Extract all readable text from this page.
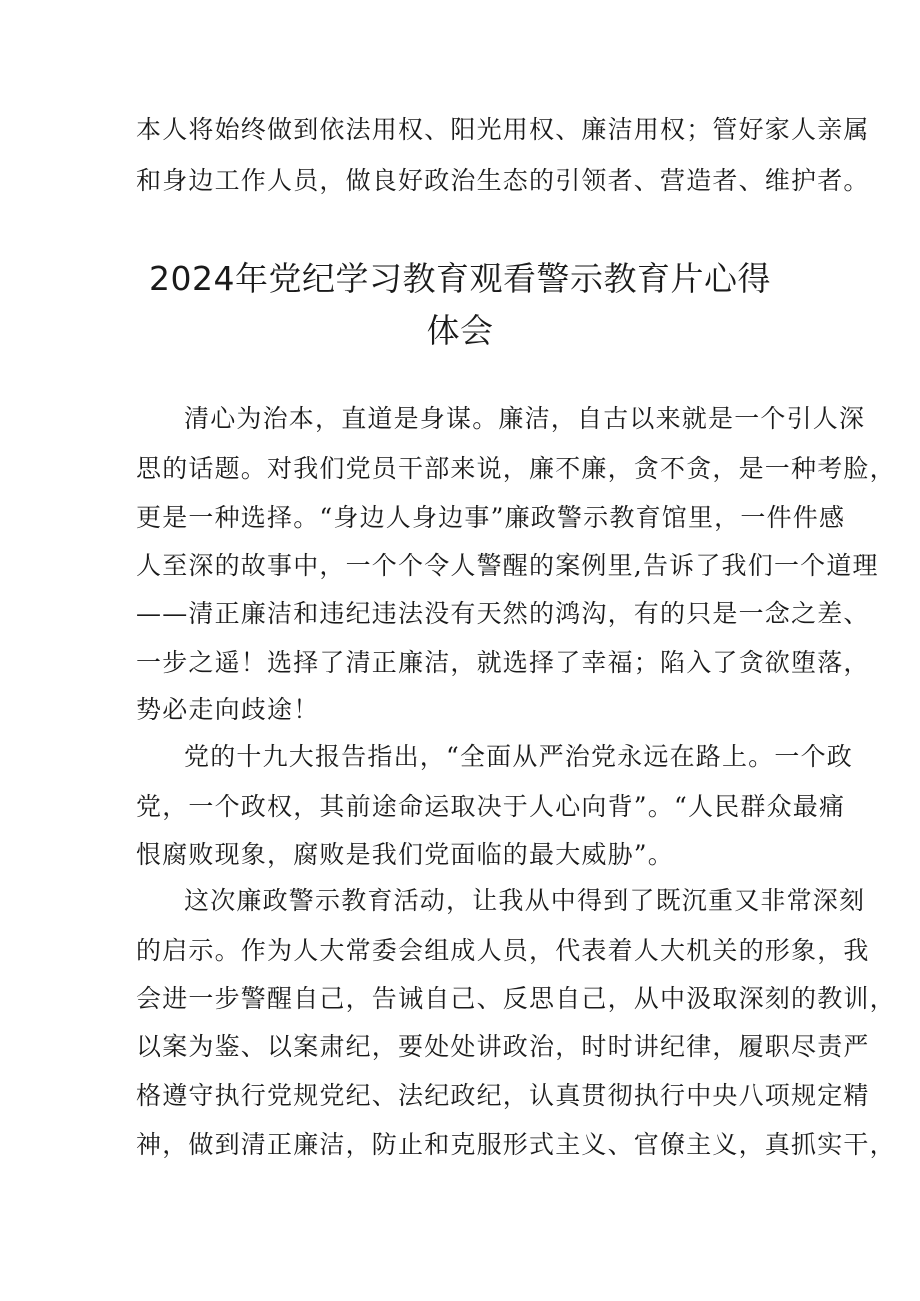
本人将始终做到依法用权、阳光用权、廉洁用权；管好家人亲属
和身边工作人员，做良好政治生态的引领者、营造者、维护者。
2024年党纪学习教育观看警示教育片心得
体会
清心为治本，直道是身谋。廉洁，自古以来就是一个引人深
思的话题。对我们党员干部来说，廉不廉，贪不贪，是一种考脸，
更是一种选择。“身边人身边事”廉政警示教育馆里，一件件感
人至深的故事中，一个个令人警醒的案例里,告诉了我们一个道理
——清正廉洁和违纪违法没有天然的鸿沟，有的只是一念之差、
一步之遥！选择了清正廉洁，就选择了幸福；陷入了贪欲堕落，
势必走向歧途！
党的十九大报告指出，“全面从严治党永远在路上。一个政
党，一个政权，其前途命运取决于人心向背”。“人民群众最痛
恨腐败现象，腐败是我们党面临的最大威胁”。
这次廉政警示教育活动，让我从中得到了既沉重又非常深刻
的启示。作为人大常委会组成人员，代表着人大机关的形象，我
会进一步警醒自己，告诫自己、反思自己，从中汲取深刻的教训，
以案为鉴、以案肃纪，要处处讲政治，时时讲纪律，履职尽责严
格遵守执行党规党纪、法纪政纪，认真贯彻执行中央八项规定精
神，做到清正廉洁，防止和克服形式主义、官僚主义，真抓实干，
